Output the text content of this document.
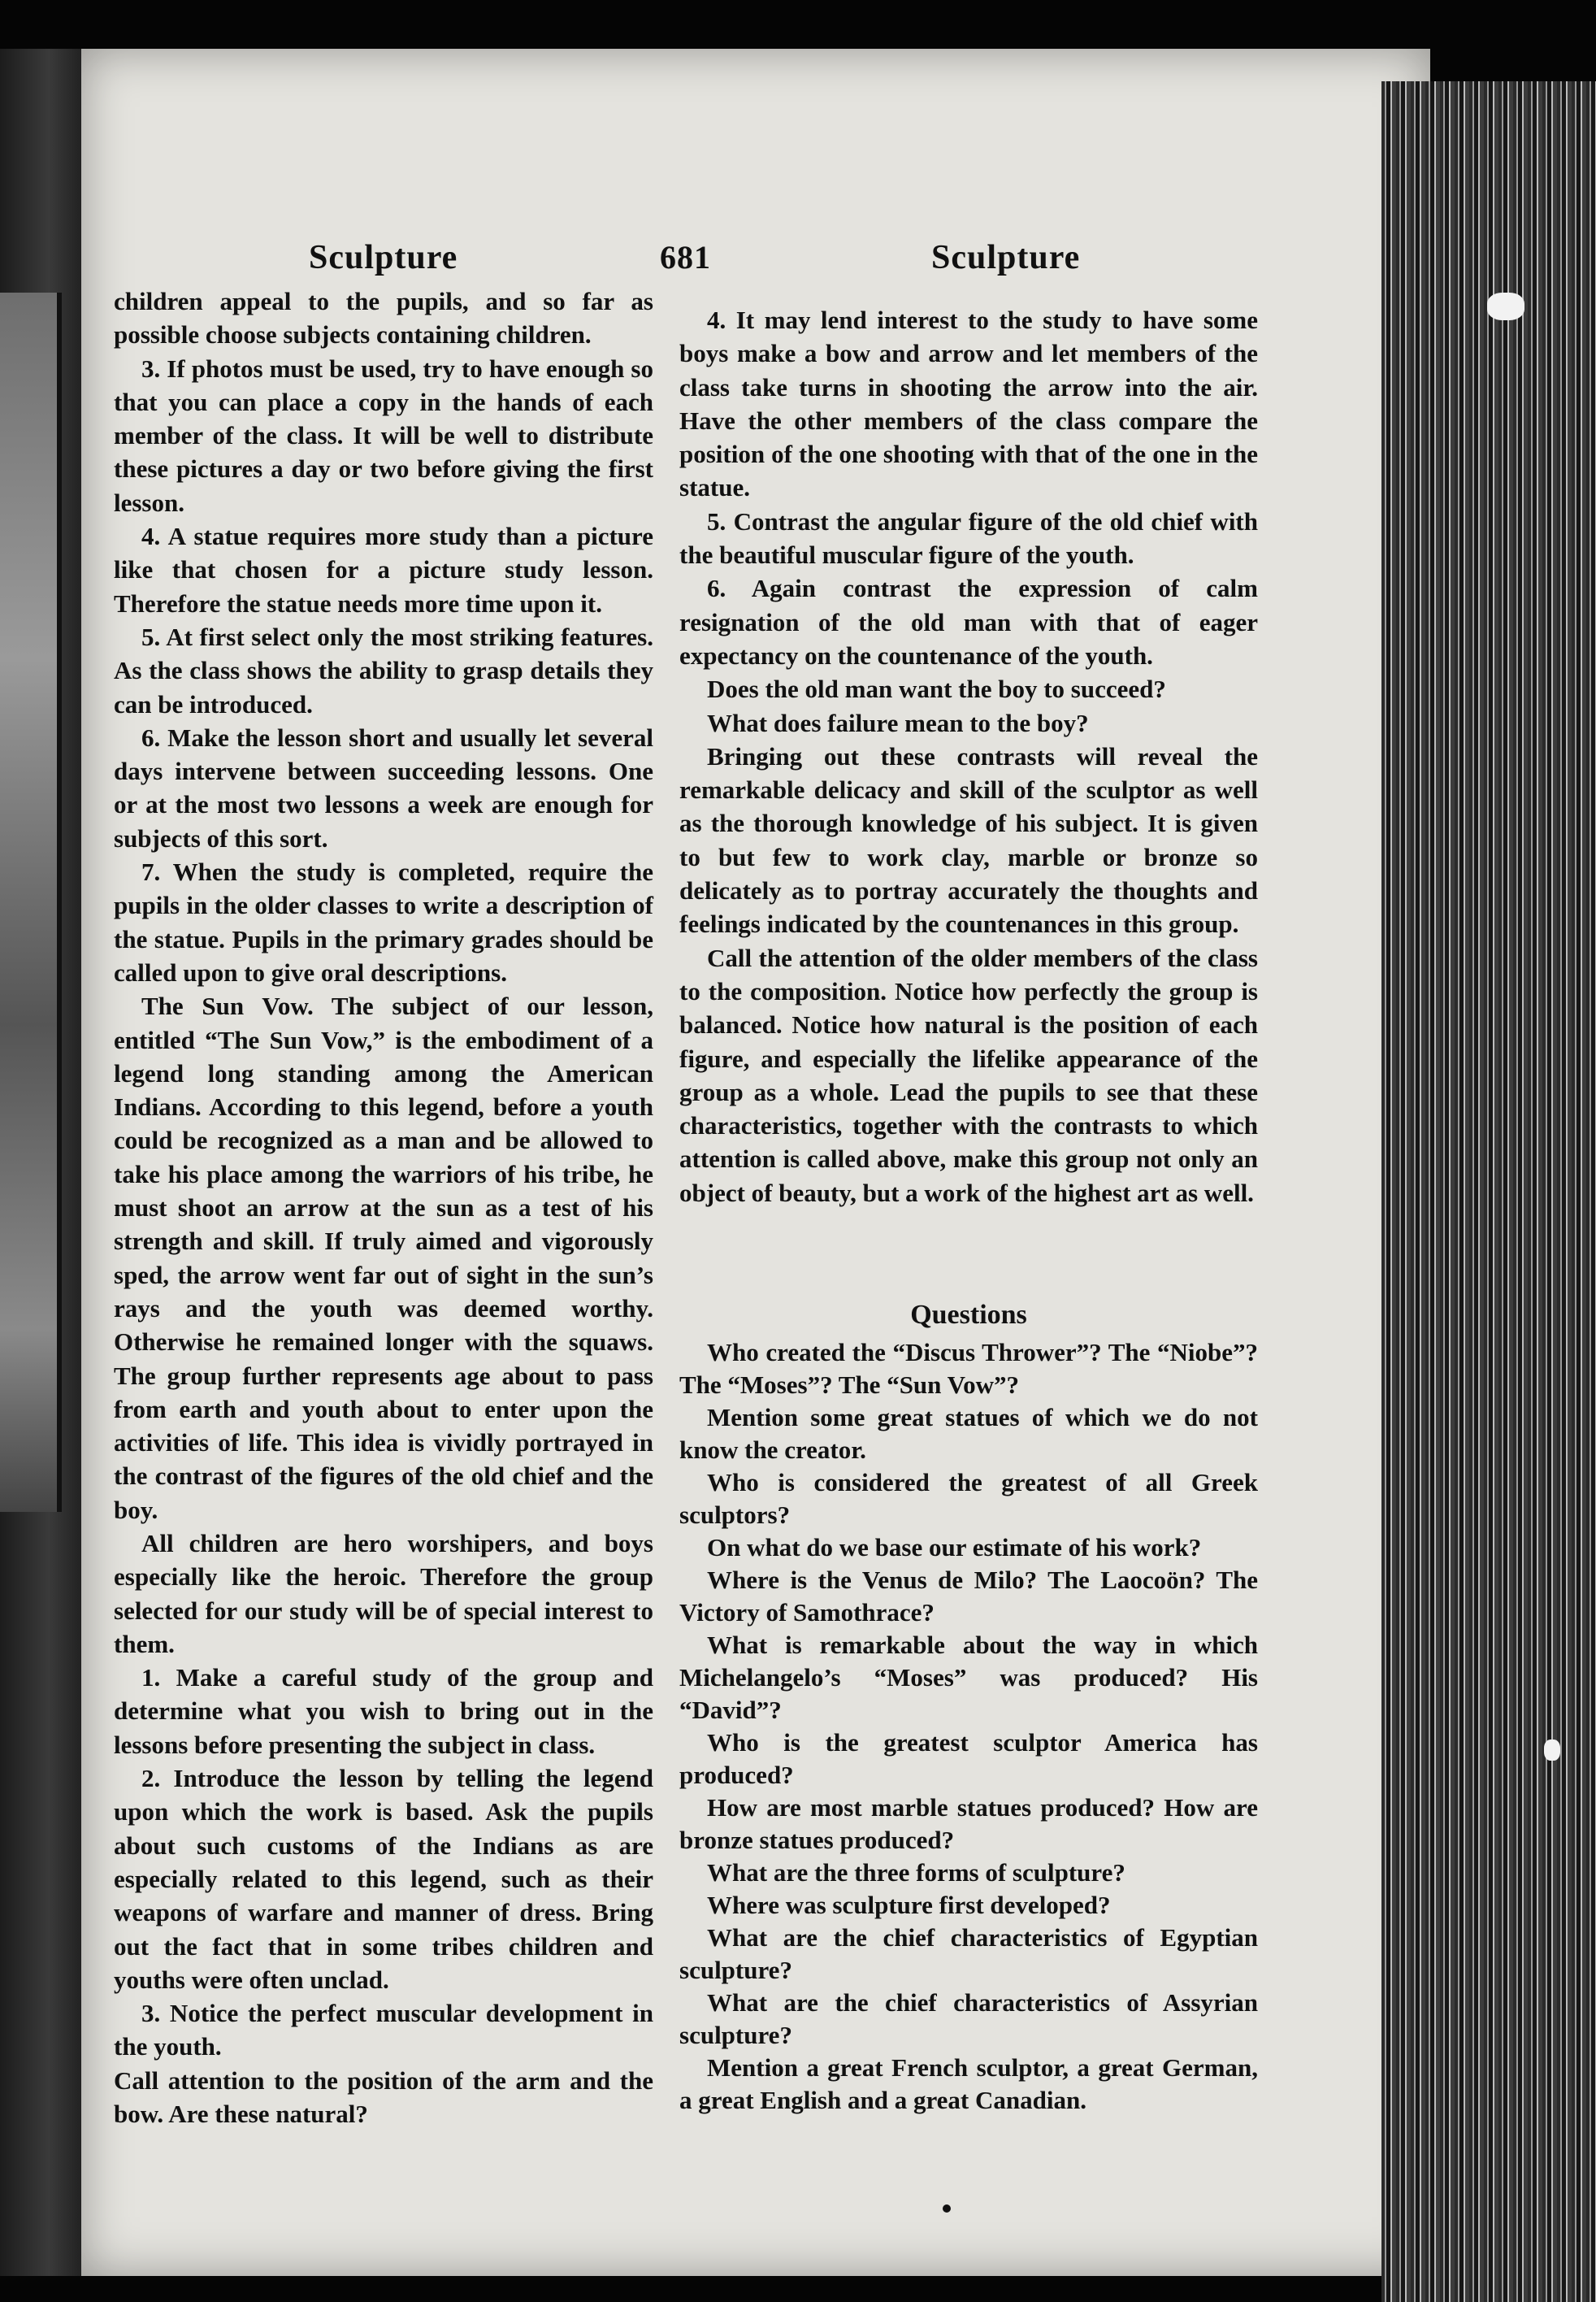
Sculpture	681	Sculpture

children appeal to the pupils, and so far as possible choose subjects containing children.

3. If photos must be used, try to have enough so that you can place a copy in the hands of each member of the class. It will be well to distribute these pictures a day or two before giving the first lesson.

4. A statue requires more study than a picture like that chosen for a picture study lesson. Therefore the statue needs more time upon it.

5. At first select only the most striking features. As the class shows the ability to grasp details they can be introduced.

6. Make the lesson short and usually let several days intervene between succeeding lessons. One or at the most two lessons a week are enough for subjects of this sort.

7. When the study is completed, require the pupils in the older classes to write a description of the statue. Pupils in the primary grades should be called upon to give oral descriptions.

The Sun Vow. The subject of our lesson, entitled “The Sun Vow,” is the embodiment of a legend long standing among the American Indians. According to this legend, before a youth could be recognized as a man and be allowed to take his place among the warriors of his tribe, he must shoot an arrow at the sun as a test of his strength and skill. If truly aimed and vigorously sped, the arrow went far out of sight in the sun’s rays and the youth was deemed worthy. Otherwise he remained longer with the squaws. The group further represents age about to pass from earth and youth about to enter upon the activities of life. This idea is vividly portrayed in the contrast of the figures of the old chief and the boy.

All children are hero worshipers, and boys especially like the heroic. Therefore the group selected for our study will be of special interest to them.

1. Make a careful study of the group and determine what you wish to bring out in the lessons before presenting the subject in class.

2. Introduce the lesson by telling the legend upon which the work is based. Ask the pupils about such customs of the Indians as are especially related to this legend, such as their weapons of warfare and manner of dress. Bring out the fact that in some tribes children and youths were often unclad.

3. Notice the perfect muscular development in the youth.

Call attention to the position of the arm and the bow. Are these natural?

4. It may lend interest to the study to have some boys make a bow and arrow and let members of the class take turns in shooting the arrow into the air. Have the other members of the class compare the position of the one shooting with that of the one in the statue.

5. Contrast the angular figure of the old chief with the beautiful muscular figure of the youth.

6. Again contrast the expression of calm resignation of the old man with that of eager expectancy on the countenance of the youth.

Does the old man want the boy to succeed?

What does failure mean to the boy?

Bringing out these contrasts will reveal the remarkable delicacy and skill of the sculptor as well as the thorough knowledge of his subject. It is given to but few to work clay, marble or bronze so delicately as to portray accurately the thoughts and feelings indicated by the countenances in this group.

Call the attention of the older members of the class to the composition. Notice how perfectly the group is balanced. Notice how natural is the position of each figure, and especially the lifelike appearance of the group as a whole. Lead the pupils to see that these characteristics, together with the contrasts to which attention is called above, make this group not only an object of beauty, but a work of the highest art as well.

Questions

Who created the “Discus Thrower”? The “Niobe”? The “Moses”? The “Sun Vow”?

Mention some great statues of which we do not know the creator.

Who is considered the greatest of all Greek sculptors?

On what do we base our estimate of his work?

Where is the Venus de Milo? The Laocoön? The Victory of Samothrace?

What is remarkable about the way in which Michelangelo’s “Moses” was produced? His “David”?

Who is the greatest sculptor America has produced?

How are most marble statues produced? How are bronze statues produced?

What are the three forms of sculpture?

Where was sculpture first developed?

What are the chief characteristics of Egyptian sculpture?

What are the chief characteristics of Assyrian sculpture?

Mention a great French sculptor, a great German, a great English and a great Canadian.
